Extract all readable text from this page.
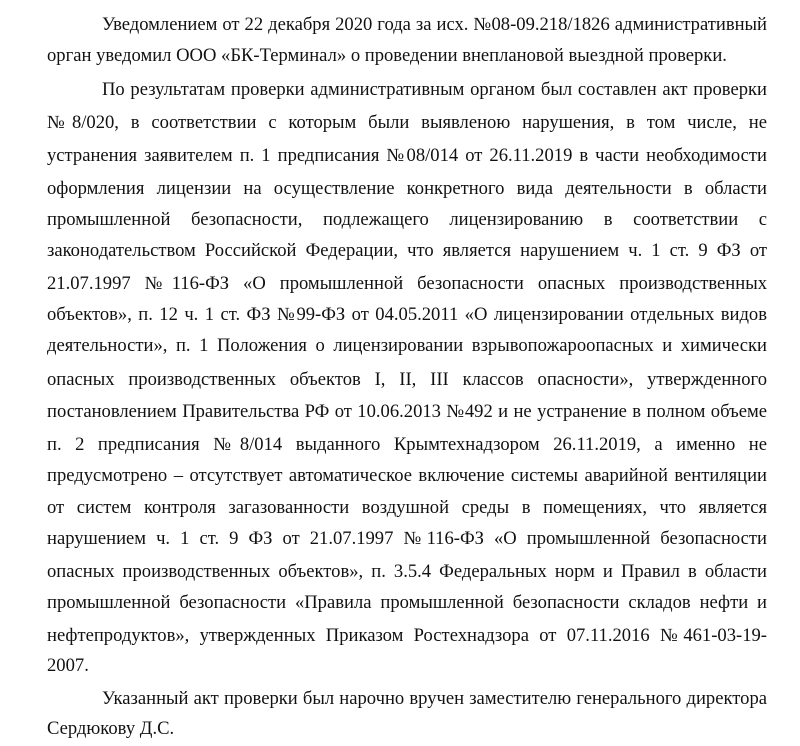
Уведомлением от 22 декабря 2020 года за исх. №08-09.218/1826 административный
орган уведомил ООО «БК-Терминал» о проведении внеплановой выездной проверки.
По результатам проверки административным органом был составлен акт проверки
№8/020, в соответствии с которым были выявленою нарушения, в том числе, не
устранения заявителем п. 1 предписания №08/014 от 26.11.2019 в части необходимости
оформления лицензии на осуществление конкретного вида деятельности в области
промышленной безопасности, подлежащего лицензированию в соответствии с
законодательством Российской Федерации, что является нарушением ч. 1 ст. 9 ФЗ от
21.07.1997 №116-ФЗ «О промышленной безопасности опасных производственных
объектов», п. 12 ч. 1 ст. ФЗ №99-ФЗ от 04.05.2011 «О лицензировании отдельных видов
деятельности», п. 1 Положения о лицензировании взрывопожароопасных и химически
опасных производственных объектов I, II, III классов опасности», утвержденного
постановлением Правительства РФ от 10.06.2013 №492 и не устранение в полном объеме
п. 2 предписания №8/014 выданного Крымтехнадзором 26.11.2019, а именно не
предусмотрено – отсутствует автоматическое включение системы аварийной вентиляции
от систем контроля загазованности воздушной среды в помещениях, что является
нарушением ч. 1 ст. 9 ФЗ от 21.07.1997 №116-ФЗ «О промышленной безопасности
опасных производственных объектов», п. 3.5.4 Федеральных норм и Правил в области
промышленной безопасности «Правила промышленной безопасности складов нефти и
нефтепродуктов», утвержденных Приказом Ростехнадзора от 07.11.2016 №461-03-19-
2007.
Указанный акт проверки был нарочно вручен заместителю генерального директора
Сердюкову Д.С.
